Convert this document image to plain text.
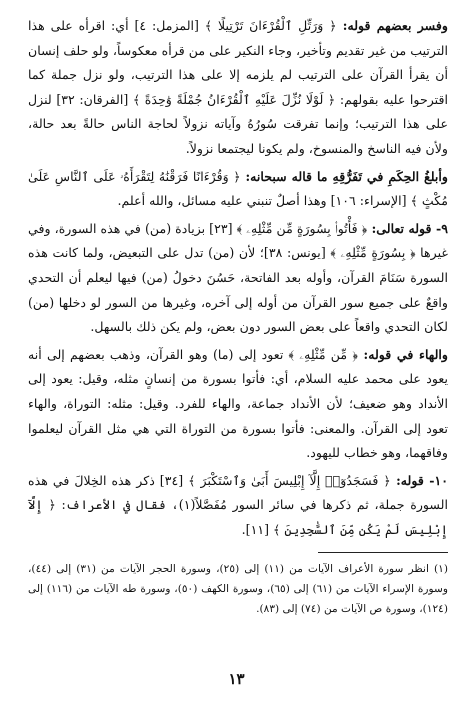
وفسر بعضهم قوله: ﴿ وَرَتِّلِ ٱلْقُرْءَانَ تَرْتِيلًا ﴾ [المزمل: ٤] أي: اقرأه على هذا الترتيب من غير تقديم وتأخير، وجاء النكير على من قرأه معكوساً، ولو حلف إنسان أن يقرأ القرآن على الترتيب لم يلزمه إلا على هذا الترتيب، ولو نزل جملة كما اقترحوا عليه بقولهم: ﴿ لَوْلَا نُزِّلَ عَلَيْهِ ٱلْقُرْءَانُ جُمْلَةً وَٰحِدَةً ﴾ [الفرقان: ٣٢] لنزل على هذا الترتيب؛ وإنما تفرقت سُورُهُ وآياته نزولاً لحاجة الناس حالةً بعد حالة، ولأن فيه الناسخ والمنسوخ، ولم يكونا ليجتمعا نزولاً.

وأبلغُ الحِكَمِ في تَفَرُّقِهِ ما قاله سبحانه: ﴿ وَقُرْءَانًا فَرَقْنَٰهُ لِتَقْرَأَهُۥ عَلَى ٱلنَّاسِ عَلَىٰ مُكْثٍ ﴾ [الإسراء: ١٠٦] وهذا أصلٌ تنبني عليه مسائل، والله أعلم.

٩- قوله تعالى: ﴿ فَأْتُوا۟ بِسُورَةٍ مِّن مِّثْلِهِۦ ﴾ [٢٣] بزيادة (من) في هذه السورة، وفي غيرها ﴿ بِسُورَةٍ مِّثْلِهِۦ ﴾ [يونس: ٣٨]؛ لأن (من) تدل على التبعيض، ولما كانت هذه السورة سَنَامَ القرآن، وأوله بعد الفاتحة، حَسُنَ دخولُ (من) فيها ليعلم أن التحدي واقعٌ على جميع سور القرآن من أوله إلى آخره، وغيرها من السور لو دخلها (من) لكان التحدي واقعاً على بعض السور دون بعض، ولم يكن ذلك بالسهل.

والهاء في قوله: ﴿ مِّن مِّثْلِهِۦ ﴾ تعود إلى (ما) وهو القرآن، وذهب بعضهم إلى أنه يعود على محمد عليه السلام، أي: فأتوا بسورة من إنسانٍ مثله، وقيل: يعود إلى الأنداد وهو ضعيف؛ لأن الأنداد جماعة، والهاء للفرد. وقيل: مثله: التوراة، والهاء تعود إلى القرآن. والمعنى: فأتوا بسورة من التوراة التي هي مثل القرآن ليعلموا وفاقهما، وهو خطاب لليهود.

١٠- قوله: ﴿ فَسَجَدُوٓا۟ إِلَّآ إِبْلِيسَ أَبَىٰ وَٱسْتَكْبَرَ ﴾ [٣٤] ذكر هذه الخِلالَ في هذه السورة جملة، ثم ذكرها في سائر السور مُفَصَّلاً(١)، فقال في الأعراف: ﴿ إِلَّآ إِبْلِيسَ لَمْ يَكُن مِّنَ ٱلسَّٰجِدِينَ ﴾ [١١].

(١) انظر سورة الأعراف الآيات من (١١) إلى (٢٥)، وسورة الحجر الآيات من (٣١) إلى (٤٤)، وسورة الإسراء الآيات من (٦١) إلى (٦٥)، وسورة الكهف (٥٠)، وسورة طه الآيات من (١١٦) إلى (١٢٤)، وسورة ص الآيات من (٧٤) إلى (٨٣).

١٣
